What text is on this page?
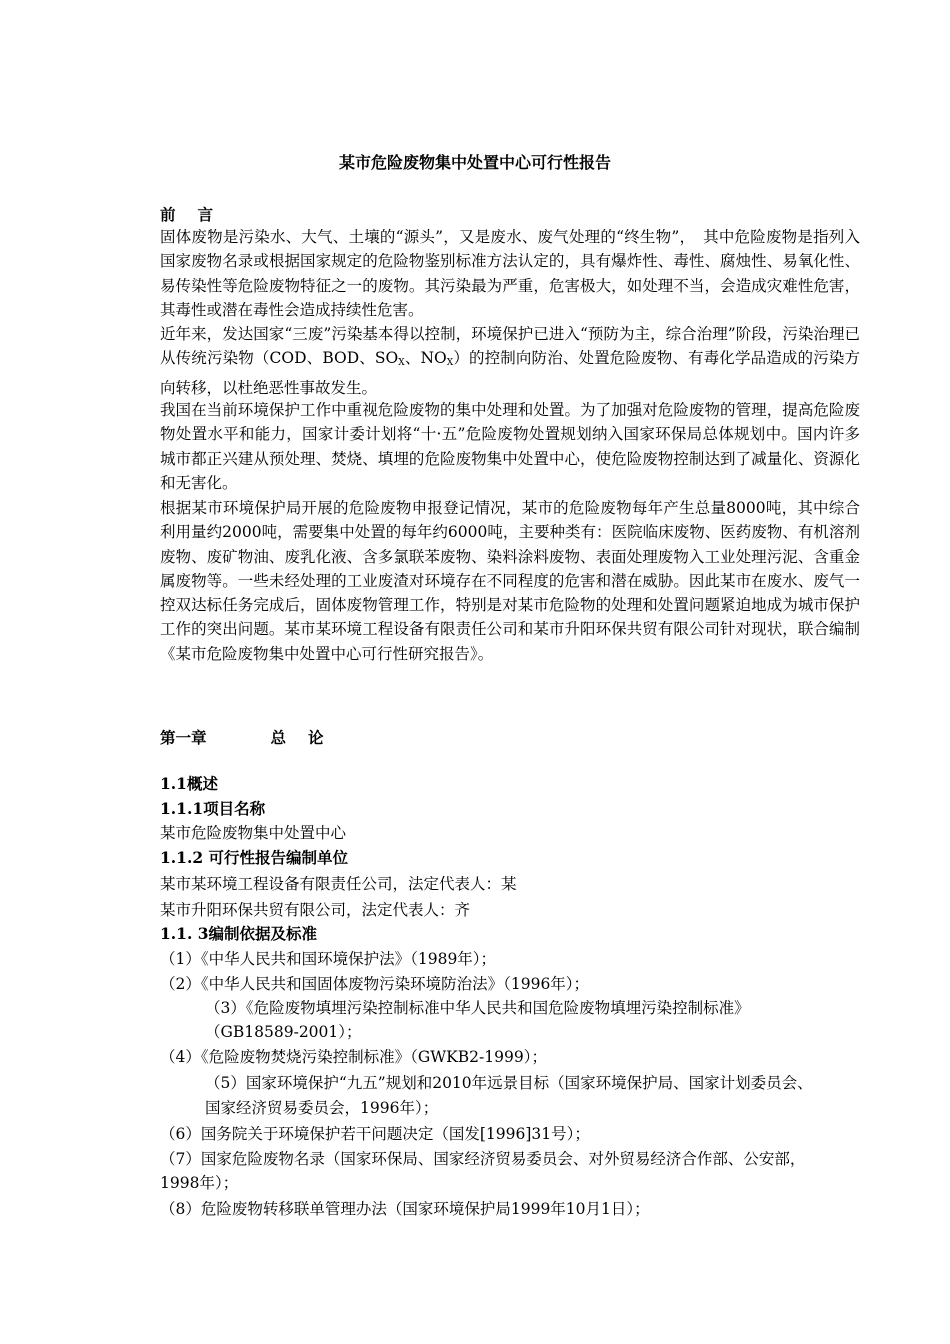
某市危险废物集中处置中心可行性报告
前 言

固体废物是污染水、大气、土壤的“源头”，又是废水、废气处理的“终生物”，　其中危险废物是指列入国家废物名录或根据国家规定的危险物鉴别标准方法认定的，具有爆炸性、毒性、腐烛性、易氧化性、易传染性等危险废物特征之一的废物。其污染最为严重，危害极大，如处理不当，会造成灾难性危害，其毒性或潜在毒性会造成持续性危害。

近年来，发达国家“三废”污染基本得以控制，环境保护已进入“预防为主，综合治理”阶段，污染治理已从传统污染物（COD、BOD、$SO_X$、$NO_X$）的控制向防治、处置危险废物、有毒化学品造成的污染方向转移，以杜绝恶性事故发生。

我国在当前环境保护工作中重视危险废物的集中处理和处置。为了加强对危险废物的管理，提高危险废物处置水平和能力，国家计委计划将“十·五”危险废物处置规划纳入国家环保局总体规划中。国内许多城市都正兴建从预处理、焚烧、填埋的危险废物集中处置中心，使危险废物控制达到了减量化、资源化和无害化。

根据某市环境保护局开展的危险废物申报登记情况，某市的危险废物每年产生总量8000吨，其中综合利用量约2000吨，需要集中处置的每年约6000吨，主要种类有：医院临床废物、医药废物、有机溶剂废物、废矿物油、废乳化液、含多氯联苯废物、染料涂料废物、表面处理废物入工业处理污泥、含重金属废物等。一些未经处理的工业废渣对环境存在不同程度的危害和潜在威胁。因此某市在废水、废气一控双达标任务完成后，固体废物管理工作，特别是对某市危险物的处理和处置问题紧迫地成为城市保护工作的突出问题。某市某环境工程设备有限责任公司和某市升阳环保共贸有限公司针对现状，联合编制《某市危险废物集中处置中心可行性研究报告》。

第一章	总 论
1.1概述
1.1.1项目名称
某市危险废物集中处置中心
1.1.2 可行性报告编制单位
某市某环境工程设备有限责任公司，法定代表人：某
某市升阳环保共贸有限公司，法定代表人：齐
1.1. 3编制依据及标准
（1）《中华人民共和国环境保护法》（1989年）；
（2）《中华人民共和国固体废物污染环境防治法》（1996年）；
（3）《危险废物填埋污染控制标准中华人民共和国危险废物填埋污染控制标准》
（GB18589-2001）；
（4）《危险废物焚烧污染控制标准》（GWKB2-1999）；
（5）国家环境保护“九五”规划和2010年远景目标（国家环境保护局、国家计划委员会、
国家经济贸易委员会，1996年）；
（6）国务院关于环境保护若干问题决定（国发[1996]31号）；
（7）国家危险废物名录（国家环保局、国家经济贸易委员会、对外贸易经济合作部、公安部，
1998年）；
（8）危险废物转移联单管理办法（国家环境保护局1999年10月1日）；
